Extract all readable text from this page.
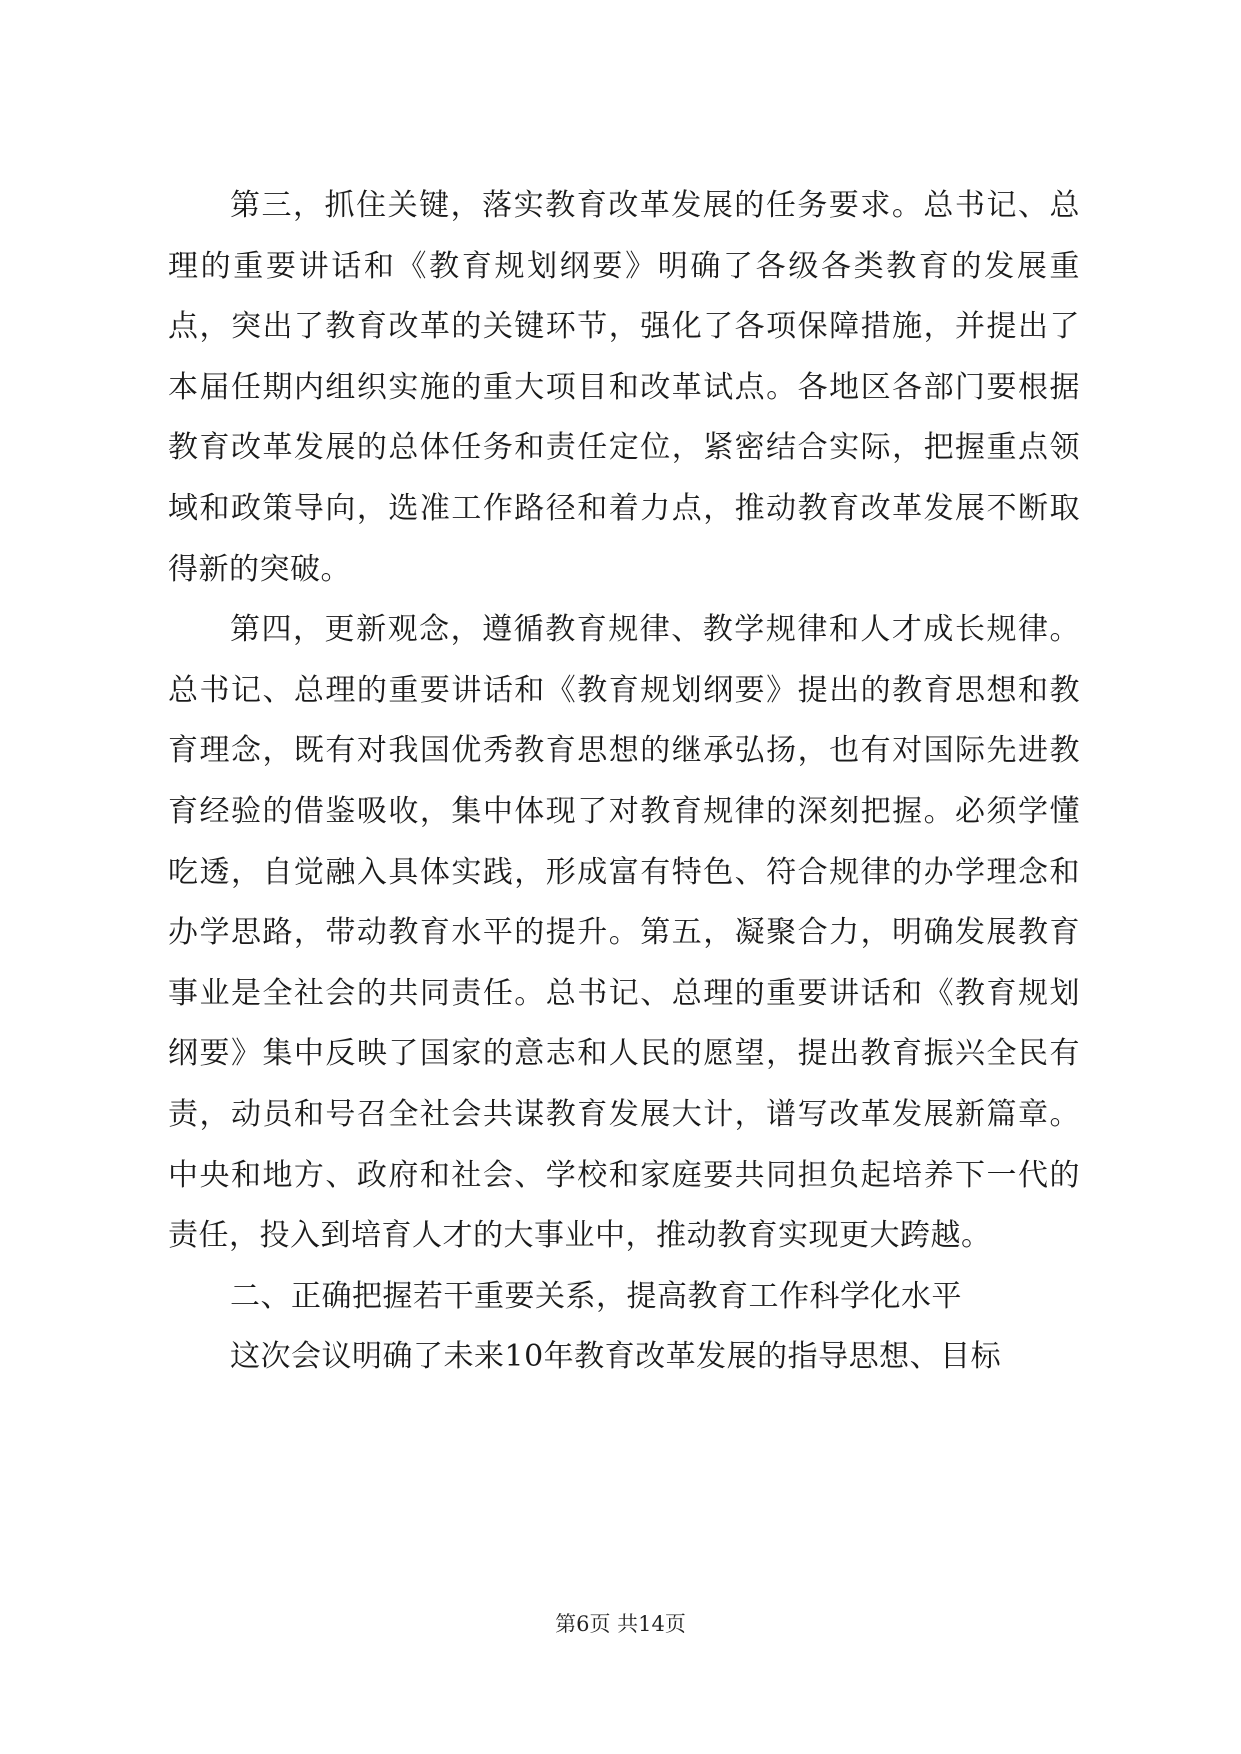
第三，抓住关键，落实教育改革发展的任务要求。总书记、总理的重要讲话和《教育规划纲要》明确了各级各类教育的发展重点，突出了教育改革的关键环节，强化了各项保障措施，并提出了本届任期内组织实施的重大项目和改革试点。各地区各部门要根据教育改革发展的总体任务和责任定位，紧密结合实际，把握重点领域和政策导向，选准工作路径和着力点，推动教育改革发展不断取得新的突破。

第四，更新观念，遵循教育规律、教学规律和人才成长规律。总书记、总理的重要讲话和《教育规划纲要》提出的教育思想和教育理念，既有对我国优秀教育思想的继承弘扬，也有对国际先进教育经验的借鉴吸收，集中体现了对教育规律的深刻把握。必须学懂吃透，自觉融入具体实践，形成富有特色、符合规律的办学理念和办学思路，带动教育水平的提升。第五，凝聚合力，明确发展教育事业是全社会的共同责任。总书记、总理的重要讲话和《教育规划纲要》集中反映了国家的意志和人民的愿望，提出教育振兴全民有责，动员和号召全社会共谋教育发展大计，谱写改革发展新篇章。中央和地方、政府和社会、学校和家庭要共同担负起培养下一代的责任，投入到培育人才的大事业中，推动教育实现更大跨越。

二、正确把握若干重要关系，提高教育工作科学化水平

这次会议明确了未来10年教育改革发展的指导思想、目标

第6页 共14页
